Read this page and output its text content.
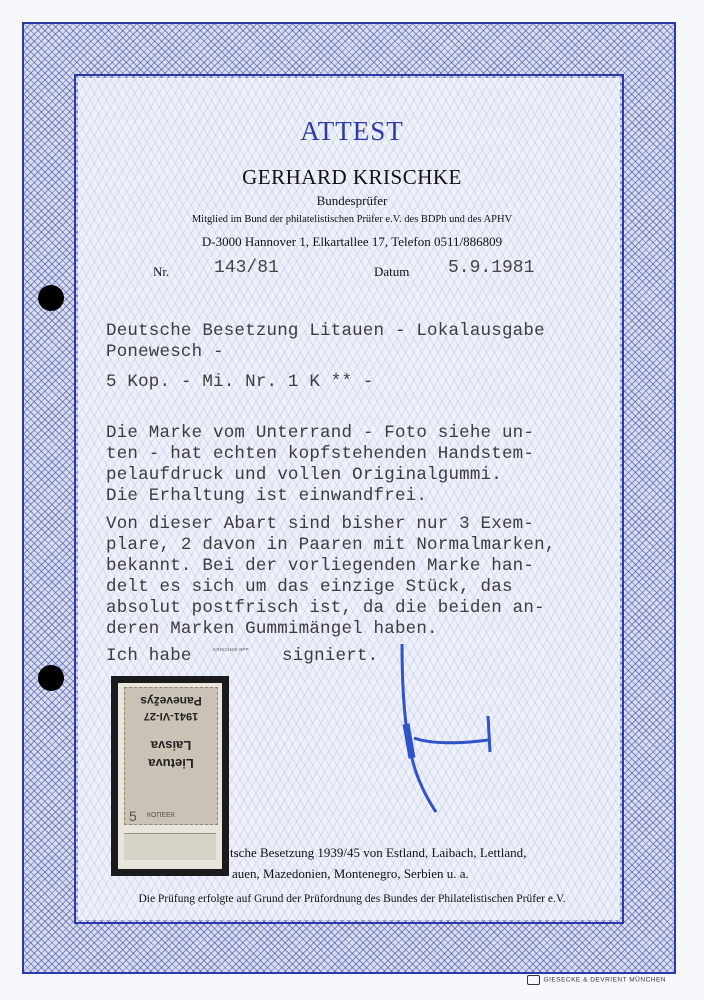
ATTEST
GERHARD KRISCHKE
Bundesprüfer
Mitglied im Bund der philatelistischen Prüfer e.V. des BDPh und des APHV
D-3000 Hannover 1, Elkartallee 17, Telefon 0511/886809
Nr. 143/81	Datum 5.9.1981
Deutsche Besetzung Litauen - Lokalausgabe
Ponewesch -
5 Kop. - Mi. Nr. 1 K ** -
Die Marke vom Unterrand - Foto siehe un-
ten - hat echten kopfstehenden Handstem-
pelaufdruck und vollen Originalgummi.
Die Erhaltung ist einwandfrei.
Von dieser Abart sind bisher nur 3 Exem-
plare, 2 davon in Paaren mit Normalmarken,
bekannt. Bei der vorliegenden Marke han-
delt es sich um das einzige Stück, das
absolut postfrisch ist, da die beiden an-
deren Marken Gummimängel haben.
Ich habe	signiert.
KRISCHKE BPP
Panevežys
1941-VI-27
Laisva
Lietuva
5 КОПЕЕК
tsche Besetzung 1939/45 von Estland, Laibach, Lettland,
auen, Mazedonien, Montenegro, Serbien u. a.
Die Prüfung erfolgte auf Grund der Prüfordnung des Bundes der Philatelistischen Prüfer e.V.
GIESECKE & DEVRIENT MÜNCHEN
